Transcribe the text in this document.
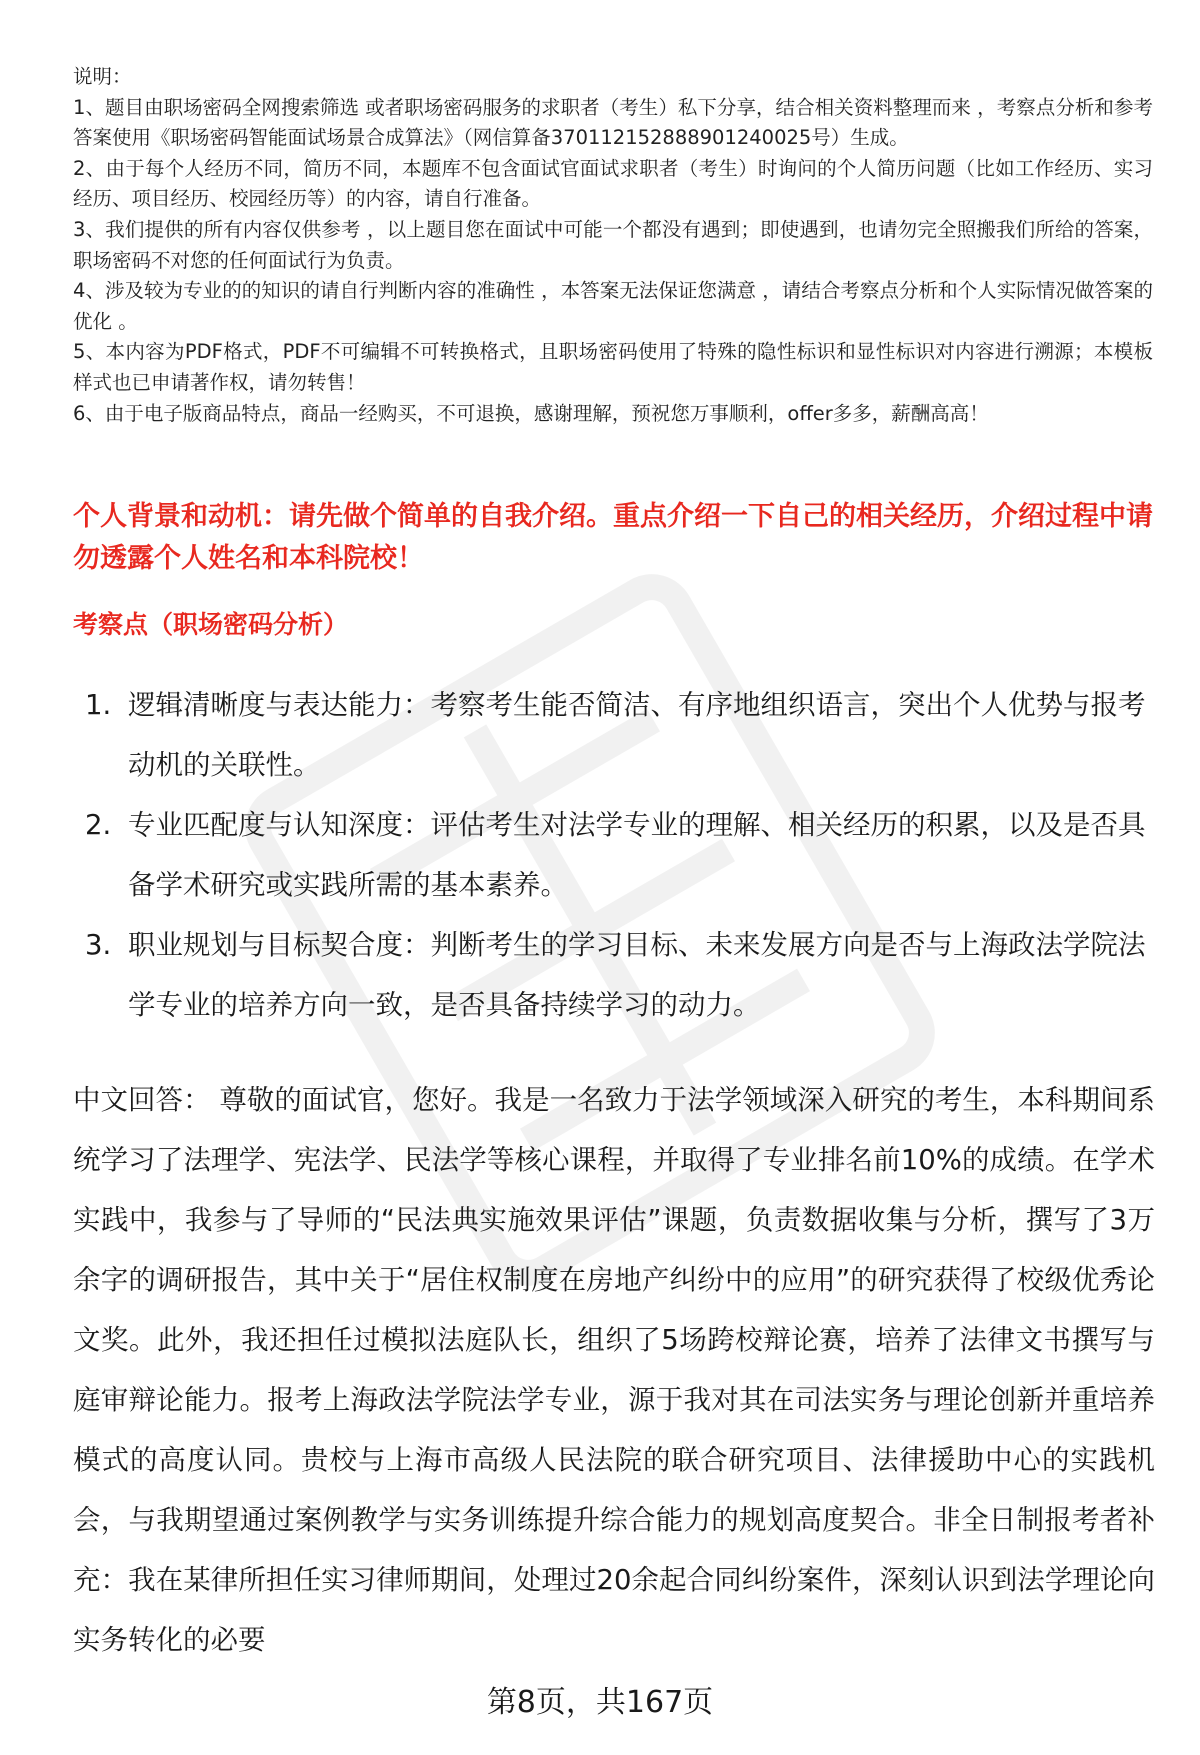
说明：

1、题目由职场密码全网搜索筛选 或者职场密码服务的求职者（考生）私下分享，结合相关资料整理而来 ，考察点分析和参考答案使用《职场密码智能面试场景合成算法》（网信算备370112152888901240025号）生成。

2、由于每个人经历不同，简历不同，本题库不包含面试官面试求职者（考生）时询问的个人简历问题（比如工作经历、实习经历、项目经历、校园经历等）的内容，请自行准备。

3、我们提供的所有内容仅供参考 ，以上题目您在面试中可能一个都没有遇到；即使遇到，也请勿完全照搬我们所给的答案，职场密码不对您的任何面试行为负责。

4、涉及较为专业的的知识的请自行判断内容的准确性 ，本答案无法保证您满意 ，请结合考察点分析和个人实际情况做答案的优化 。

5、本内容为PDF格式，PDF不可编辑不可转换格式，且职场密码使用了特殊的隐性标识和显性标识对内容进行溯源；本模板样式也已申请著作权，请勿转售！

6、由于电子版商品特点，商品一经购买，不可退换，感谢理解，预祝您万事顺利，offer多多，薪酬高高！

个人背景和动机：请先做个简单的自我介绍。重点介绍一下自己的相关经历，介绍过程中请勿透露个人姓名和本科院校！

考察点（职场密码分析）

1. 逻辑清晰度与表达能力：考察考生能否简洁、有序地组织语言，突出个人优势与报考动机的关联性。
2. 专业匹配度与认知深度：评估考生对法学专业的理解、相关经历的积累，以及是否具备学术研究或实践所需的基本素养。
3. 职业规划与目标契合度：判断考生的学习目标、未来发展方向是否与上海政法学院法学专业的培养方向一致，是否具备持续学习的动力。

中文回答： 尊敬的面试官，您好。我是一名致力于法学领域深入研究的考生，本科期间系统学习了法理学、宪法学、民法学等核心课程，并取得了专业排名前10%的成绩。在学术实践中，我参与了导师的“民法典实施效果评估”课题，负责数据收集与分析，撰写了3万余字的调研报告，其中关于“居住权制度在房地产纠纷中的应用”的研究获得了校级优秀论文奖。此外，我还担任过模拟法庭队长，组织了5场跨校辩论赛，培养了法律文书撰写与庭审辩论能力。报考上海政法学院法学专业，源于我对其在司法实务与理论创新并重培养模式的高度认同。贵校与上海市高级人民法院的联合研究项目、法律援助中心的实践机会，与我期望通过案例教学与实务训练提升综合能力的规划高度契合。非全日制报考者补充：我在某律所担任实习律师期间，处理过20余起合同纠纷案件，深刻认识到法学理论向实务转化的必要

第8页，共167页
